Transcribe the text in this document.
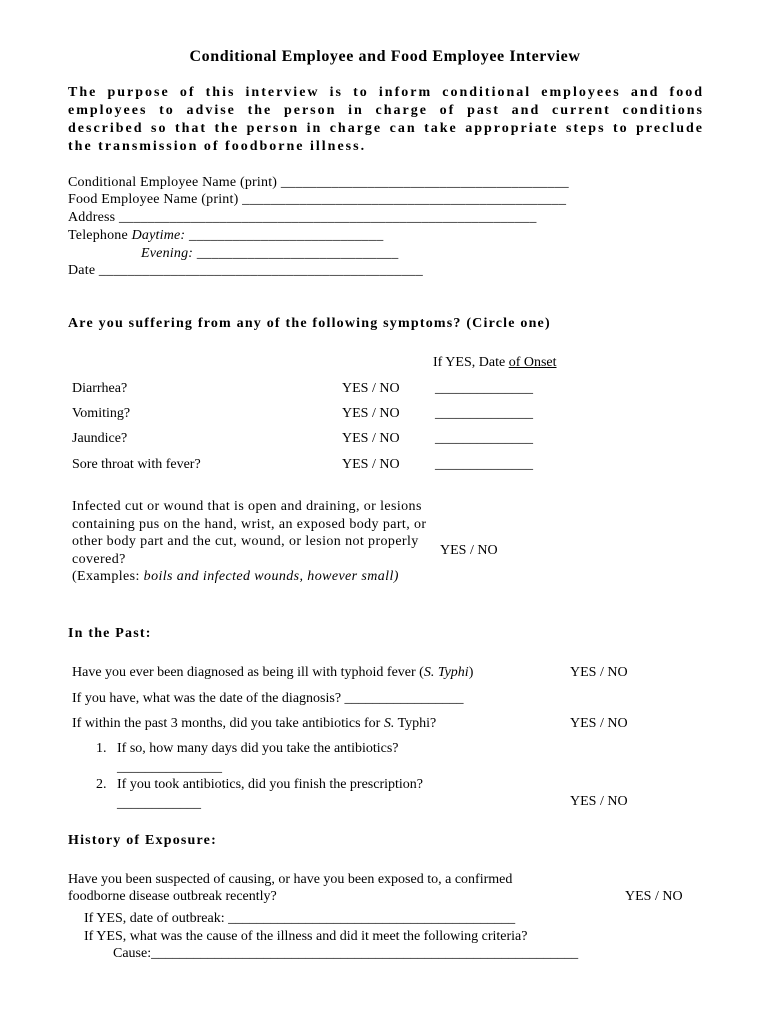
Conditional Employee and Food Employee Interview
The purpose of this interview is to inform conditional employees and food employees to advise the person in charge of past and current conditions described so that the person in charge can take appropriate steps to preclude the transmission of foodborne illness.
Conditional Employee Name (print) ________________________________________
Food Employee Name (print) _____________________________________________
Address __________________________________________________________
Telephone Daytime: ___________________________
Evening: ____________________________
Date _____________________________________________
Are you suffering from any of the following symptoms? (Circle one)
If YES, Date of Onset
Diarrhea?	YES / NO	______________
Vomiting?	YES / NO	______________
Jaundice?	YES / NO	______________
Sore throat with fever?	YES / NO	______________
Infected cut or wound that is open and draining, or lesions containing pus on the hand, wrist, an exposed body part, or other body part and the cut, wound, or lesion not properly covered?
(Examples: boils and infected wounds, however small)
YES / NO
In the Past:
Have you ever been diagnosed as being ill with typhoid fever (S. Typhi)	YES / NO
If you have, what was the date of the diagnosis? _________________
If within the past 3 months, did you take antibiotics for S. Typhi?	YES / NO
1. If so, how many days did you take the antibiotics?
_______________
2. If you took antibiotics, did you finish the prescription?
____________	YES / NO
History of Exposure:
Have you been suspected of causing, or have you been exposed to, a confirmed
foodborne disease outbreak recently?	YES / NO
If YES, date of outbreak: _________________________________________
If YES, what was the cause of the illness and did it meet the following criteria?
Cause:_____________________________________________________________
